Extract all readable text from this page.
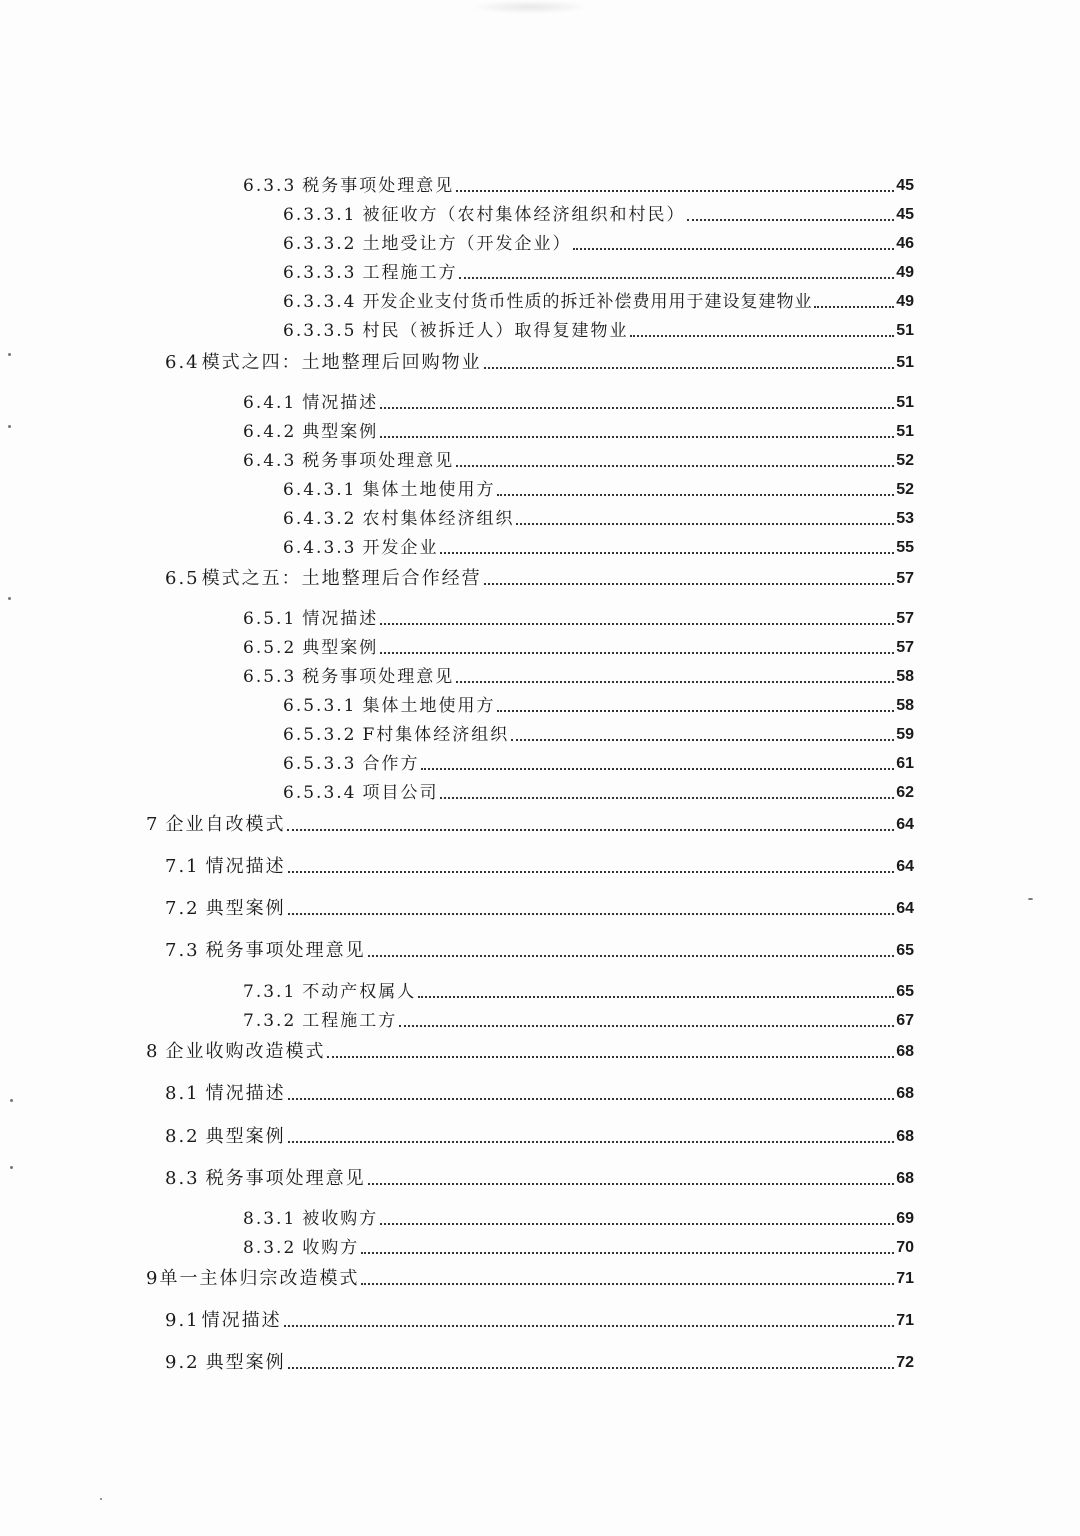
6.3.3 税务事项处理意见	45
6.3.3.1 被征收方（农村集体经济组织和村民）	45
6.3.3.2 土地受让方（开发企业）	46
6.3.3.3 工程施工方	49
6.3.3.4 开发企业支付货币性质的拆迁补偿费用用于建设复建物业	49
6.3.3.5 村民（被拆迁人）取得复建物业	51
6.4 模式之四：土地整理后回购物业	51
6.4.1 情况描述	51
6.4.2 典型案例	51
6.4.3 税务事项处理意见	52
6.4.3.1 集体土地使用方	52
6.4.3.2 农村集体经济组织	53
6.4.3.3 开发企业	55
6.5 模式之五：土地整理后合作经营	57
6.5.1 情况描述	57
6.5.2 典型案例	57
6.5.3 税务事项处理意见	58
6.5.3.1 集体土地使用方	58
6.5.3.2 F村集体经济组织	59
6.5.3.3 合作方	61
6.5.3.4 项目公司	62
7 企业自改模式	64
7.1 情况描述	64
7.2 典型案例	64
7.3 税务事项处理意见	65
7.3.1 不动产权属人	65
7.3.2 工程施工方	67
8 企业收购改造模式	68
8.1 情况描述	68
8.2 典型案例	68
8.3 税务事项处理意见	68
8.3.1 被收购方	69
8.3.2 收购方	70
9 单一主体归宗改造模式	71
9.1 情况描述	71
9.2 典型案例	72
